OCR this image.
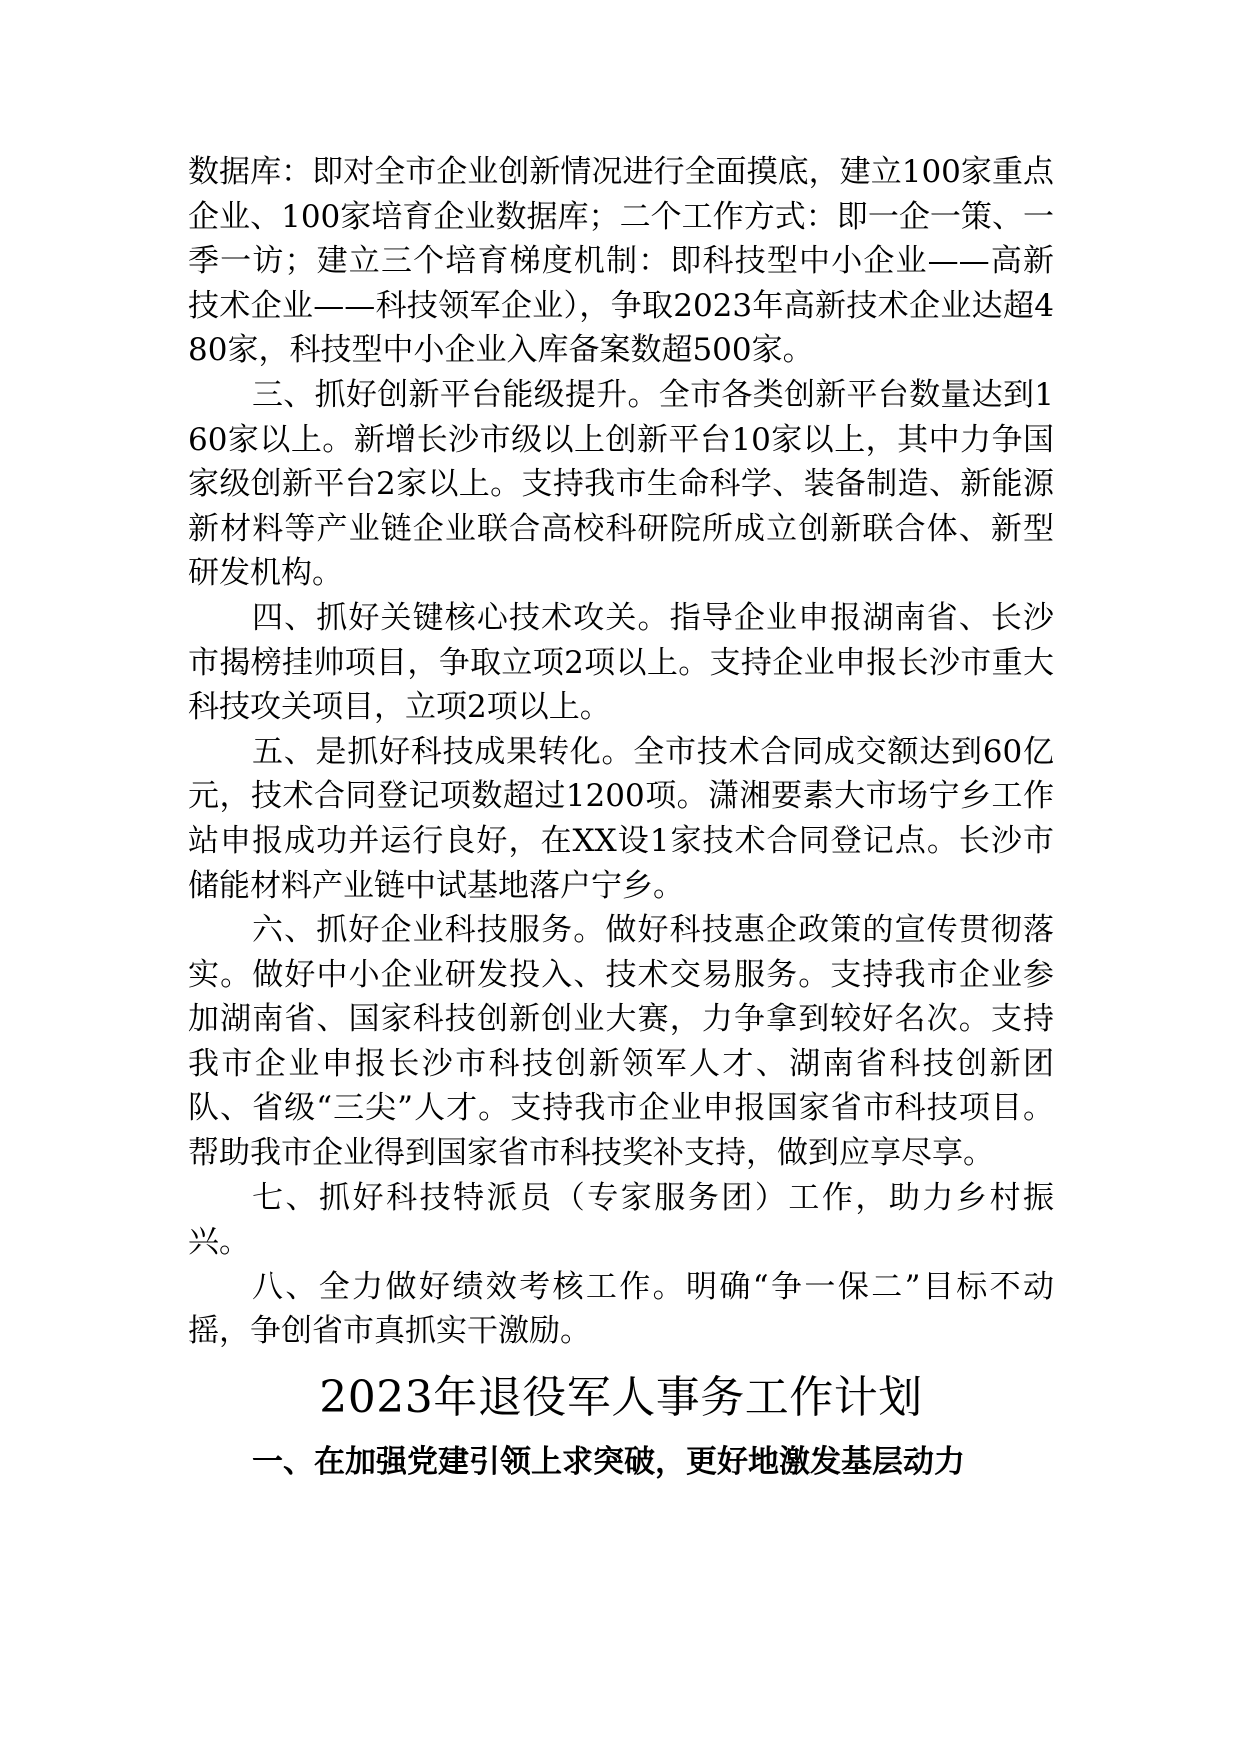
数据库：即对全市企业创新情况进行全面摸底，建立100家重点企业、100家培育企业数据库；二个工作方式：即一企一策、一季一访；建立三个培育梯度机制：即科技型中小企业——高新技术企业——科技领军企业），争取2023年高新技术企业达超480家，科技型中小企业入库备案数超500家。

三、抓好创新平台能级提升。全市各类创新平台数量达到160家以上。新增长沙市级以上创新平台10家以上，其中力争国家级创新平台2家以上。支持我市生命科学、装备制造、新能源新材料等产业链企业联合高校科研院所成立创新联合体、新型研发机构。

四、抓好关键核心技术攻关。指导企业申报湖南省、长沙市揭榜挂帅项目，争取立项2项以上。支持企业申报长沙市重大科技攻关项目，立项2项以上。

五、是抓好科技成果转化。全市技术合同成交额达到60亿元，技术合同登记项数超过1200项。潇湘要素大市场宁乡工作站申报成功并运行良好，在XX设1家技术合同登记点。长沙市储能材料产业链中试基地落户宁乡。

六、抓好企业科技服务。做好科技惠企政策的宣传贯彻落实。做好中小企业研发投入、技术交易服务。支持我市企业参加湖南省、国家科技创新创业大赛，力争拿到较好名次。支持我市企业申报长沙市科技创新领军人才、湖南省科技创新团队、省级“三尖”人才。支持我市企业申报国家省市科技项目。帮助我市企业得到国家省市科技奖补支持，做到应享尽享。

七、抓好科技特派员（专家服务团）工作，助力乡村振兴。

八、全力做好绩效考核工作。明确“争一保二”目标不动摇，争创省市真抓实干激励。

2023年退役军人事务工作计划

一、在加强党建引领上求突破，更好地激发基层动力
